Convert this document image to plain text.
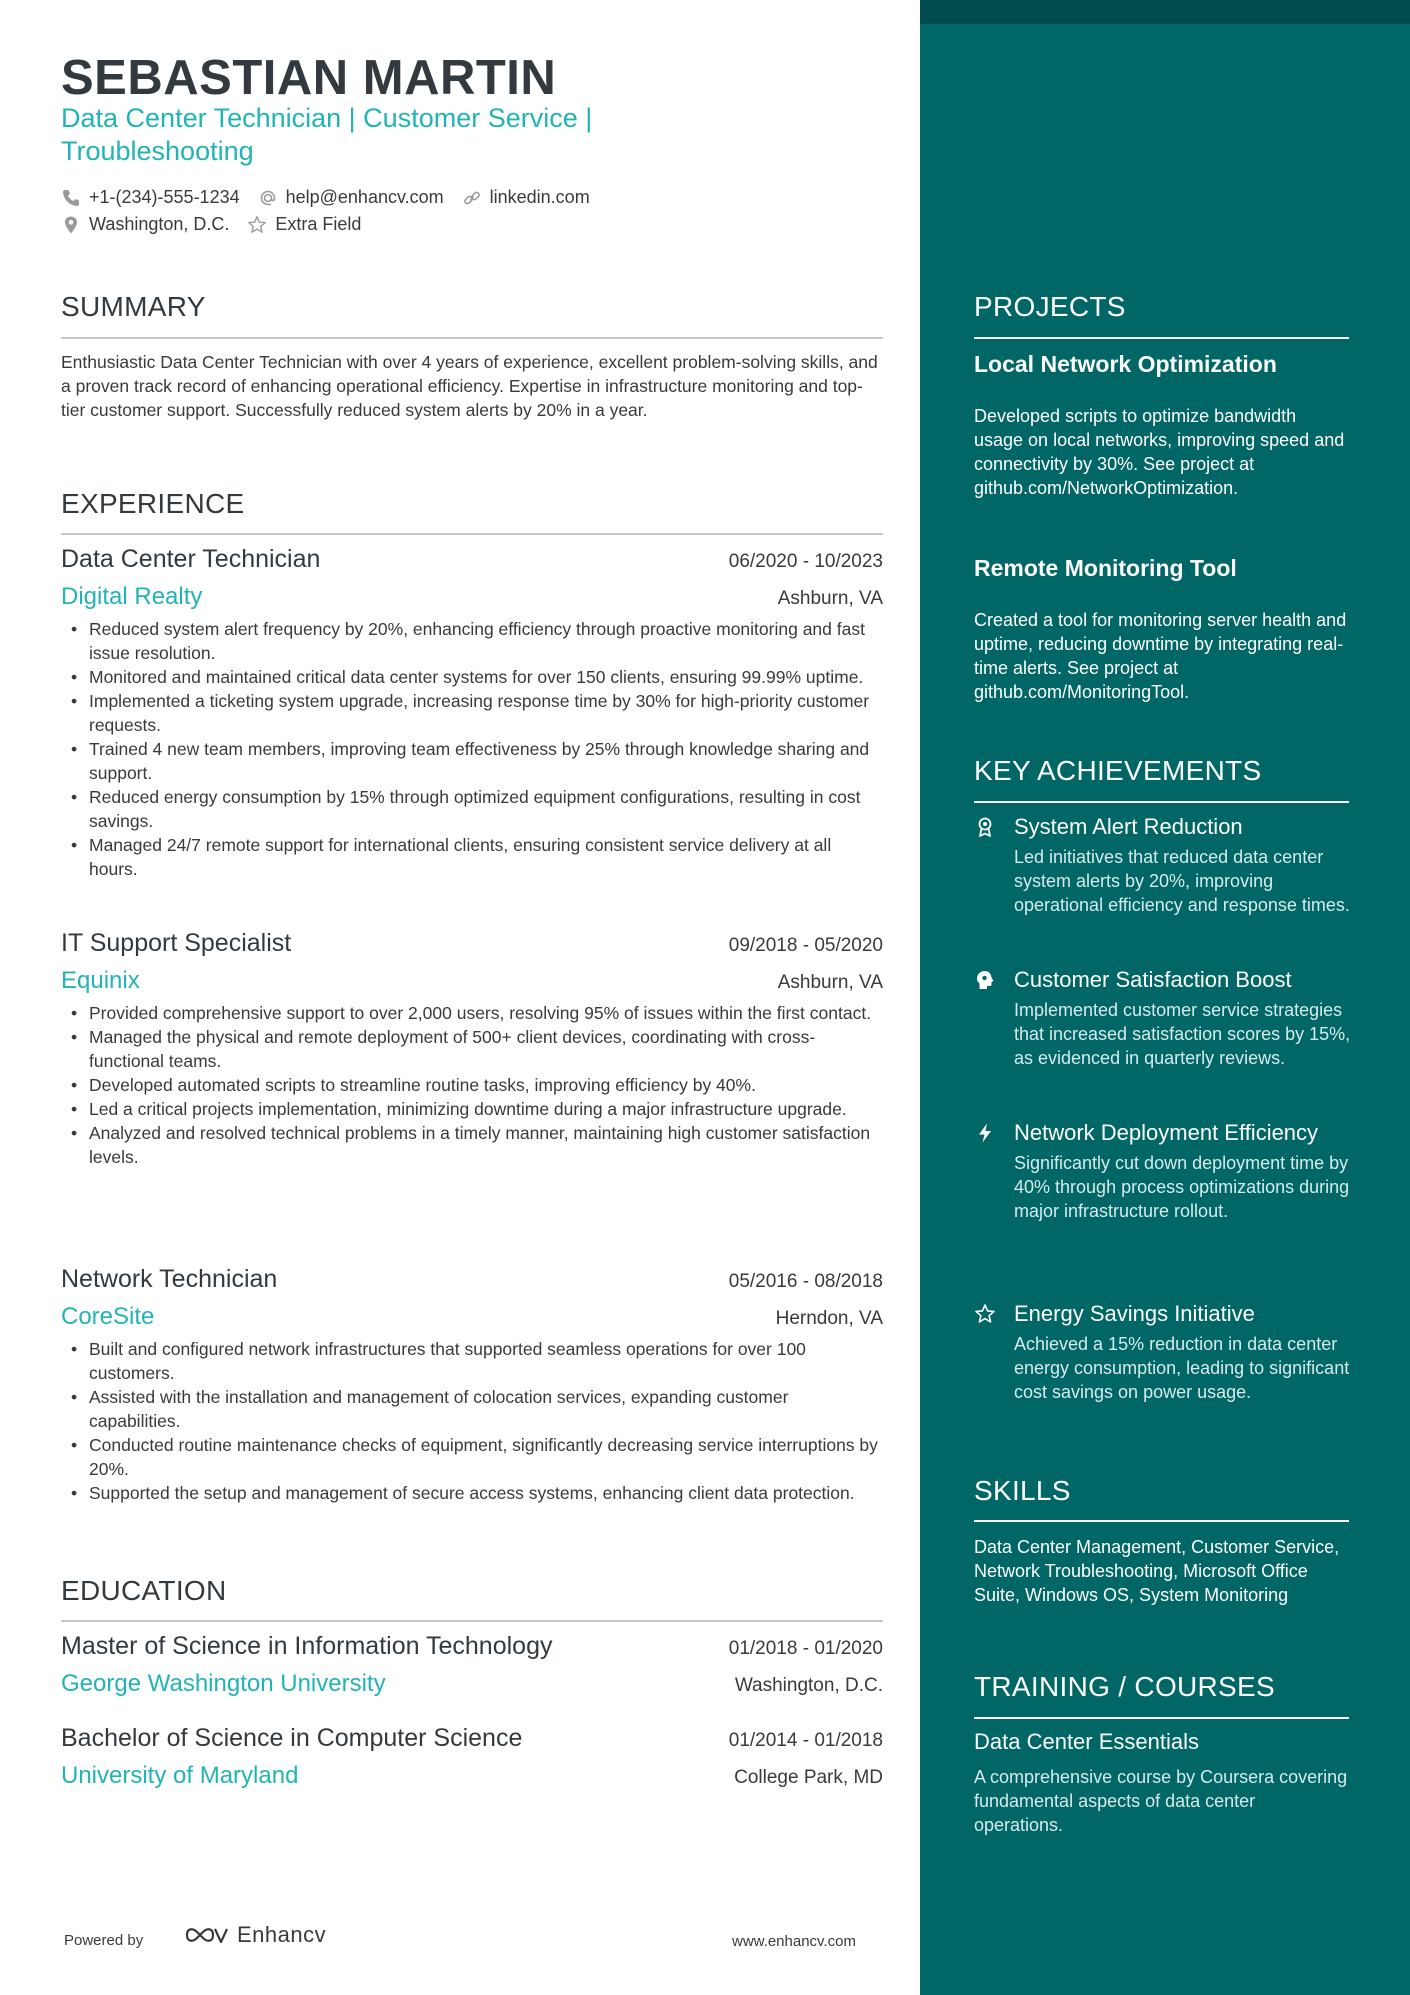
SEBASTIAN MARTIN
Data Center Technician | Customer Service | Troubleshooting
+1-(234)-555-1234	help@enhancv.com	linkedin.com
Washington, D.C.	Extra Field
SUMMARY
Enthusiastic Data Center Technician with over 4 years of experience, excellent problem-solving skills, and a proven track record of enhancing operational efficiency. Expertise in infrastructure monitoring and top-tier customer support. Successfully reduced system alerts by 20% in a year.
EXPERIENCE
Data Center Technician	06/2020 - 10/2023
Digital Realty	Ashburn, VA
• Reduced system alert frequency by 20%, enhancing efficiency through proactive monitoring and fast issue resolution.
• Monitored and maintained critical data center systems for over 150 clients, ensuring 99.99% uptime.
• Implemented a ticketing system upgrade, increasing response time by 30% for high-priority customer requests.
• Trained 4 new team members, improving team effectiveness by 25% through knowledge sharing and support.
• Reduced energy consumption by 15% through optimized equipment configurations, resulting in cost savings.
• Managed 24/7 remote support for international clients, ensuring consistent service delivery at all hours.
IT Support Specialist	09/2018 - 05/2020
Equinix	Ashburn, VA
• Provided comprehensive support to over 2,000 users, resolving 95% of issues within the first contact.
• Managed the physical and remote deployment of 500+ client devices, coordinating with cross-functional teams.
• Developed automated scripts to streamline routine tasks, improving efficiency by 40%.
• Led a critical projects implementation, minimizing downtime during a major infrastructure upgrade.
• Analyzed and resolved technical problems in a timely manner, maintaining high customer satisfaction levels.
Network Technician	05/2016 - 08/2018
CoreSite	Herndon, VA
• Built and configured network infrastructures that supported seamless operations for over 100 customers.
• Assisted with the installation and management of colocation services, expanding customer capabilities.
• Conducted routine maintenance checks of equipment, significantly decreasing service interruptions by 20%.
• Supported the setup and management of secure access systems, enhancing client data protection.
EDUCATION
Master of Science in Information Technology	01/2018 - 01/2020
George Washington University	Washington, D.C.
Bachelor of Science in Computer Science	01/2014 - 01/2018
University of Maryland	College Park, MD
PROJECTS
Local Network Optimization
Developed scripts to optimize bandwidth usage on local networks, improving speed and connectivity by 30%. See project at github.com/NetworkOptimization.
Remote Monitoring Tool
Created a tool for monitoring server health and uptime, reducing downtime by integrating real-time alerts. See project at github.com/MonitoringTool.
KEY ACHIEVEMENTS
System Alert Reduction
Led initiatives that reduced data center system alerts by 20%, improving operational efficiency and response times.
Customer Satisfaction Boost
Implemented customer service strategies that increased satisfaction scores by 15%, as evidenced in quarterly reviews.
Network Deployment Efficiency
Significantly cut down deployment time by 40% through process optimizations during major infrastructure rollout.
Energy Savings Initiative
Achieved a 15% reduction in data center energy consumption, leading to significant cost savings on power usage.
SKILLS
Data Center Management, Customer Service, Network Troubleshooting, Microsoft Office Suite, Windows OS, System Monitoring
TRAINING / COURSES
Data Center Essentials
A comprehensive course by Coursera covering fundamental aspects of data center operations.
Powered by	Enhancv	www.enhancv.com
